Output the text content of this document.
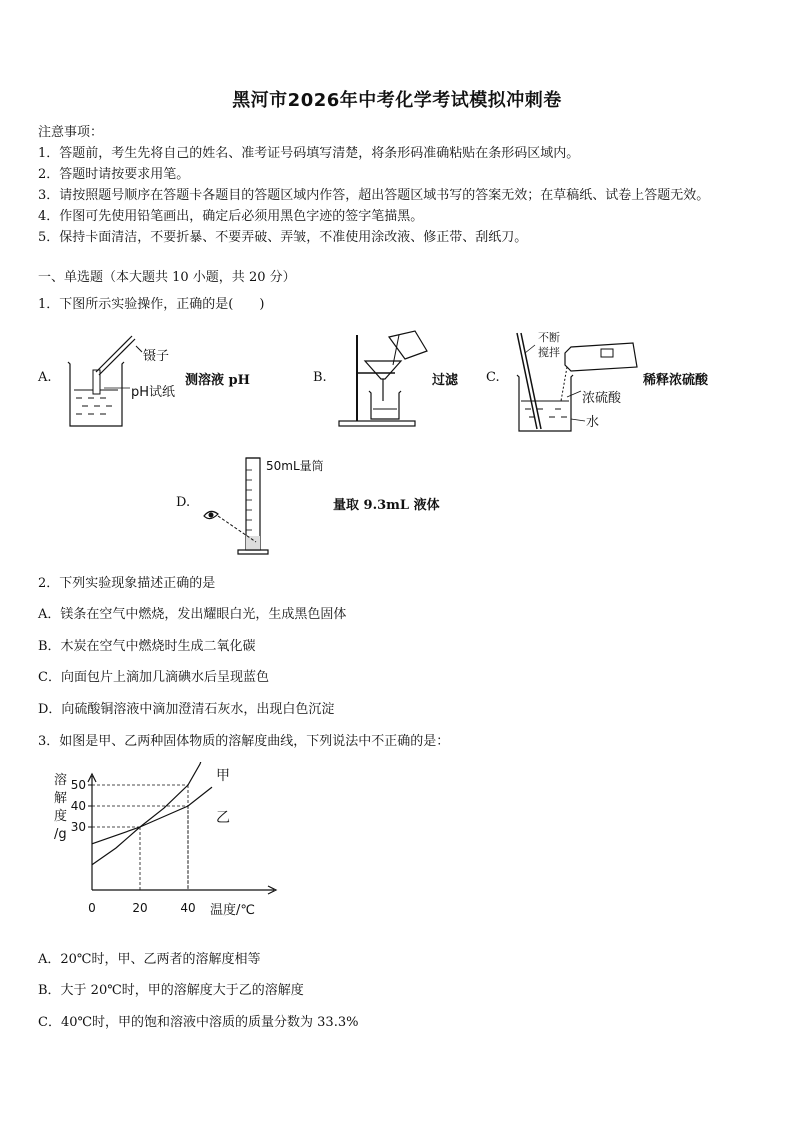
黑河市2026年中考化学考试模拟冲刺卷
注意事项：
1．答题前，考生先将自己的姓名、准考证号码填写清楚，将条形码准确粘贴在条形码区域内。
2．答题时请按要求用笔。
3．请按照题号顺序在答题卡各题目的答题区域内作答，超出答题区域书写的答案无效；在草稿纸、试卷上答题无效。
4．作图可先使用铅笔画出，确定后必须用黑色字迹的签字笔描黑。
5．保持卡面清洁，不要折暴、不要弄破、弄皱，不准使用涂改液、修正带、刮纸刀。
一、单选题（本大题共 10 小题，共 20 分）
1．下图所示实验操作，正确的是(　　)
A.
镊子
pH试纸
测溶液 pH	B.	过滤 C.
不断
搅拌
浓硫酸
水
稀释浓硫酸
D.
50mL量筒
量取 9.3mL 液体
2．下列实验现象描述正确的是
A．镁条在空气中燃烧，发出耀眼白光，生成黑色固体
B．木炭在空气中燃烧时生成二氧化碳
C．向面包片上滴加几滴碘水后呈现蓝色
D．向硫酸铜溶液中滴加澄清石灰水，出现白色沉淀
3．如图是甲、乙两种固体物质的溶解度曲线，下列说法中不正确的是：
甲
乙
0	20	40
30
40
50
溶
解
度
/g
温度/℃
A．20℃时，甲、乙两者的溶解度相等
B．大于 20℃时，甲的溶解度大于乙的溶解度
C．40℃时，甲的饱和溶液中溶质的质量分数为 33.3%
